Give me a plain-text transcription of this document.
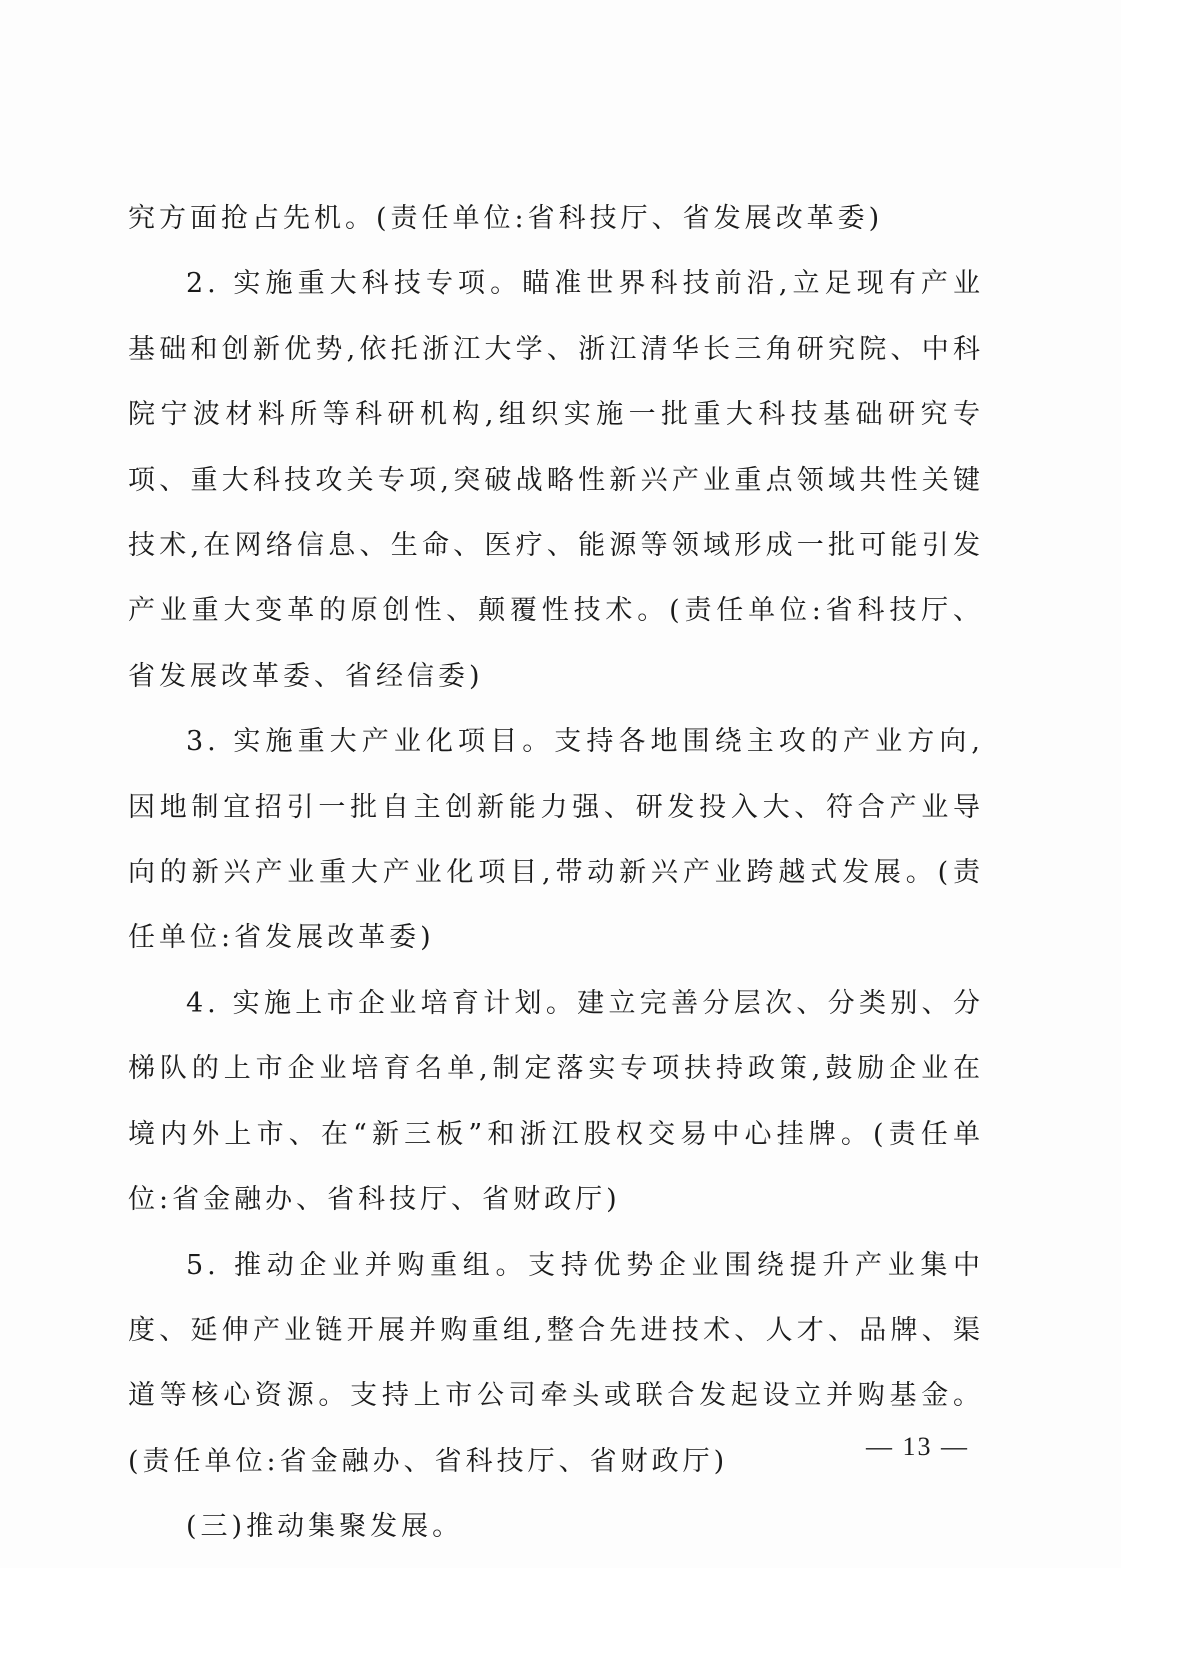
究方面抢占先机。(责任单位:省科技厅、省发展改革委)

2. 实施重大科技专项。瞄准世界科技前沿,立足现有产业基础和创新优势,依托浙江大学、浙江清华长三角研究院、中科院宁波材料所等科研机构,组织实施一批重大科技基础研究专项、重大科技攻关专项,突破战略性新兴产业重点领域共性关键技术,在网络信息、生命、医疗、能源等领域形成一批可能引发产业重大变革的原创性、颠覆性技术。(责任单位:省科技厅、省发展改革委、省经信委)

3. 实施重大产业化项目。支持各地围绕主攻的产业方向,因地制宜招引一批自主创新能力强、研发投入大、符合产业导向的新兴产业重大产业化项目,带动新兴产业跨越式发展。(责任单位:省发展改革委)

4. 实施上市企业培育计划。建立完善分层次、分类别、分梯队的上市企业培育名单,制定落实专项扶持政策,鼓励企业在境内外上市、在“新三板”和浙江股权交易中心挂牌。(责任单位:省金融办、省科技厅、省财政厅)

5. 推动企业并购重组。支持优势企业围绕提升产业集中度、延伸产业链开展并购重组,整合先进技术、人才、品牌、渠道等核心资源。支持上市公司牵头或联合发起设立并购基金。(责任单位:省金融办、省科技厅、省财政厅)

(三)推动集聚发展。

— 13 —
